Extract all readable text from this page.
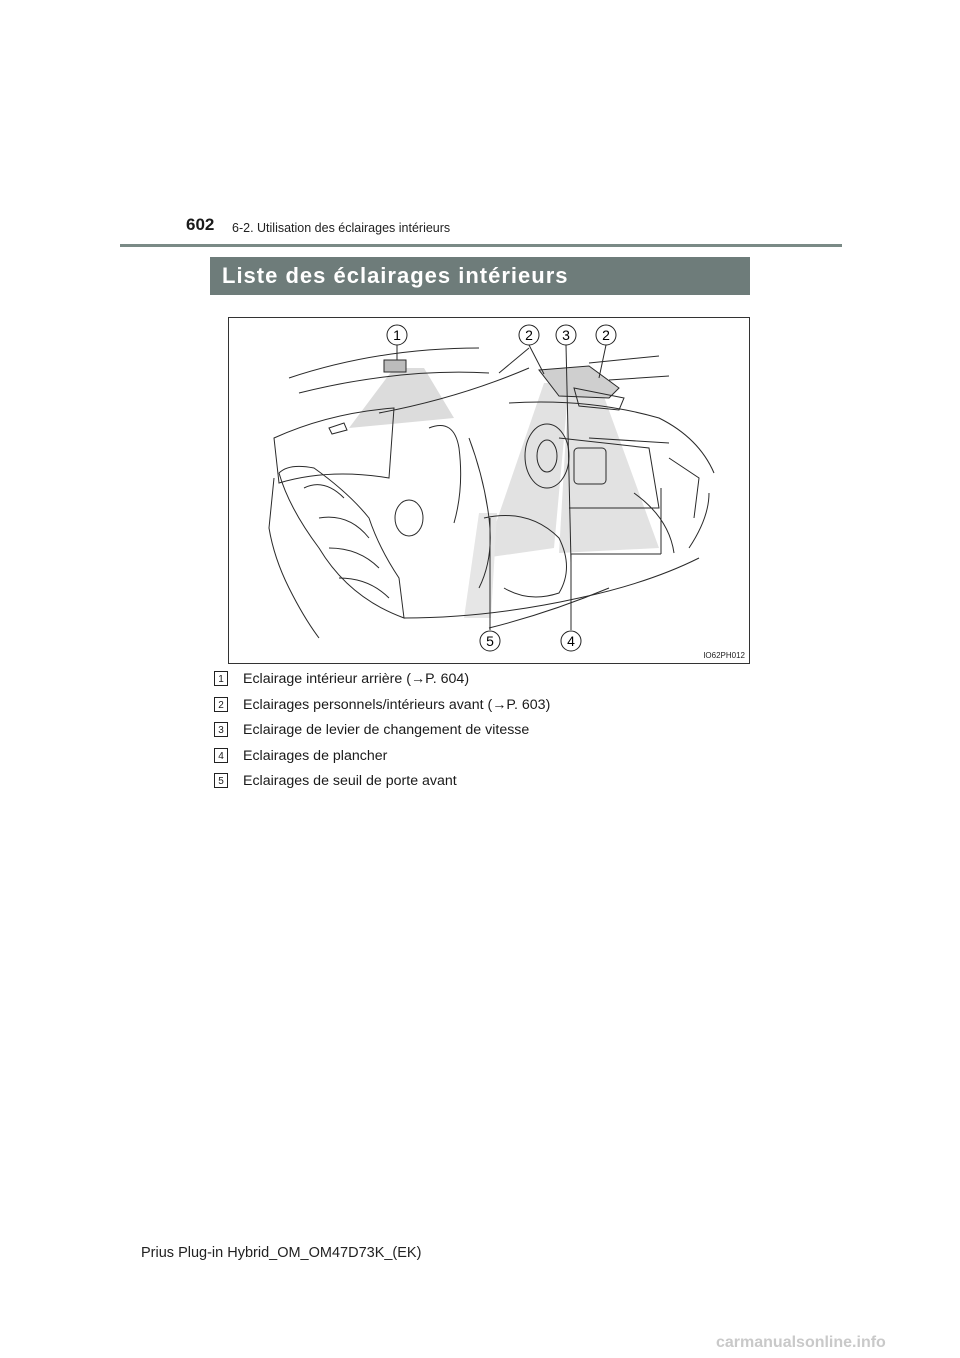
602 6-2. Utilisation des éclairages intérieurs
Liste des éclairages intérieurs
1	2 3 2
5	4
IO62PH012
1 Eclairage intérieur arrière (→P. 604)
2 Eclairages personnels/intérieurs avant (→P. 603)
3 Eclairage de levier de changement de vitesse
4 Eclairages de plancher
5 Eclairages de seuil de porte avant
Prius Plug-in Hybrid_OM_OM47D73K_(EK)
carmanualsonline.info
